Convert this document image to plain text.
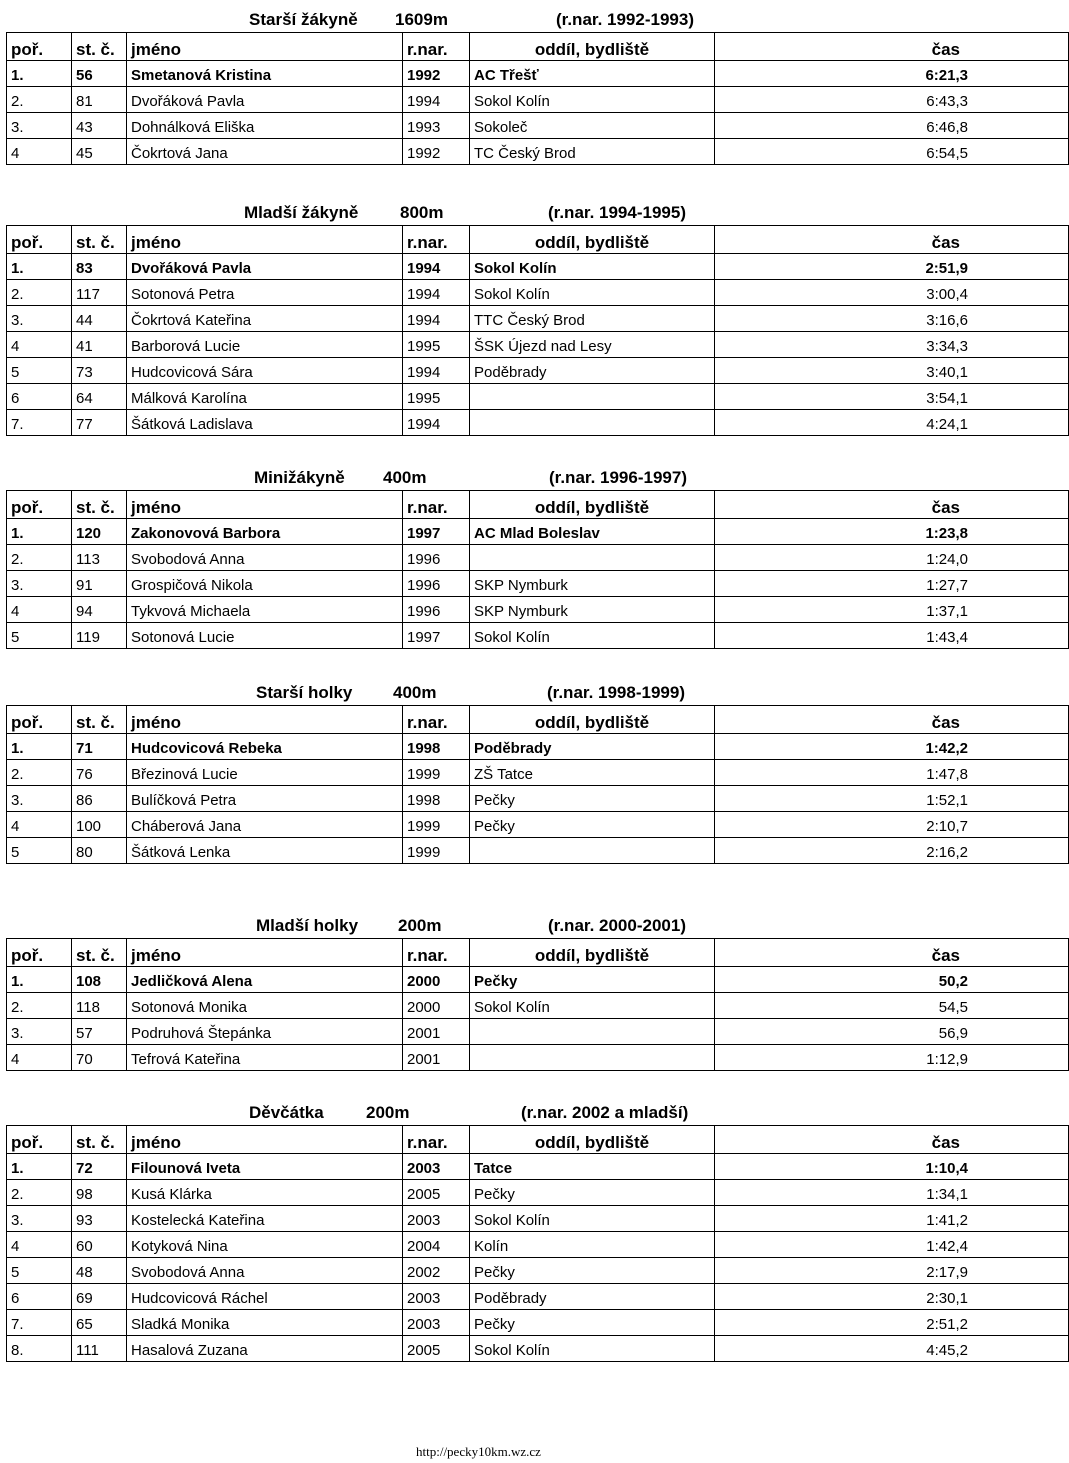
Starší žákyně 1609m	(r.nar. 1992-1993)
poř.	st. č.	jméno	r.nar.	oddíl, bydliště	čas
1.	56	Smetanová Kristina	1992	AC Třešť	6:21,3
2.	81	Dvořáková Pavla	1994	Sokol Kolín	6:43,3
3.	43	Dohnálková Eliška	1993	Sokoleč	6:46,8
4	45	Čokrtová Jana	1992	TC Český Brod	6:54,5
Mladší žákyně 800m	(r.nar. 1994-1995)
poř.	st. č.	jméno	r.nar.	oddíl, bydliště	čas
1.	83	Dvořáková Pavla	1994	Sokol Kolín	2:51,9
2.	117	Sotonová Petra	1994	Sokol Kolín	3:00,4
3.	44	Čokrtová Kateřina	1994	TTC Český Brod	3:16,6
4	41	Barborová Lucie	1995	ŠSK Újezd nad Lesy	3:34,3
5	73	Hudcovicová Sára	1994	Poděbrady	3:40,1
6	64	Málková Karolína	1995		3:54,1
7.	77	Šátková Ladislava	1994		4:24,1
Minižákyně 400m	(r.nar. 1996-1997)
poř.	st. č.	jméno	r.nar.	oddíl, bydliště	čas
1.	120	Zakonovová Barbora	1997	AC Mlad Boleslav	1:23,8
2.	113	Svobodová Anna	1996		1:24,0
3.	91	Grospičová Nikola	1996	SKP Nymburk	1:27,7
4	94	Tykvová Michaela	1996	SKP Nymburk	1:37,1
5	119	Sotonová Lucie	1997	Sokol Kolín	1:43,4
Starší holky 400m	(r.nar. 1998-1999)
poř.	st. č.	jméno	r.nar.	oddíl, bydliště	čas
1.	71	Hudcovicová Rebeka	1998	Poděbrady	1:42,2
2.	76	Březinová Lucie	1999	ZŠ Tatce	1:47,8
3.	86	Bulíčková Petra	1998	Pečky	1:52,1
4	100	Cháberová Jana	1999	Pečky	2:10,7
5	80	Šátková Lenka	1999		2:16,2
Mladší holky 200m	(r.nar. 2000-2001)
poř.	st. č.	jméno	r.nar.	oddíl, bydliště	čas
1.	108	Jedličková Alena	2000	Pečky	50,2
2.	118	Sotonová Monika	2000	Sokol Kolín	54,5
3.	57	Podruhová Štepánka	2001		56,9
4	70	Tefrová Kateřina	2001		1:12,9
Děvčátka 200m	(r.nar. 2002 a mladší)
poř.	st. č.	jméno	r.nar.	oddíl, bydliště	čas
1.	72	Filounová Iveta	2003	Tatce	1:10,4
2.	98	Kusá Klárka	2005	Pečky	1:34,1
3.	93	Kostelecká Kateřina	2003	Sokol Kolín	1:41,2
4	60	Kotyková Nina	2004	Kolín	1:42,4
5	48	Svobodová Anna	2002	Pečky	2:17,9
6	69	Hudcovicová Ráchel	2003	Poděbrady	2:30,1
7.	65	Sladká Monika	2003	Pečky	2:51,2
8.	111	Hasalová Zuzana	2005	Sokol Kolín	4:45,2
http://pecky10km.wz.cz
